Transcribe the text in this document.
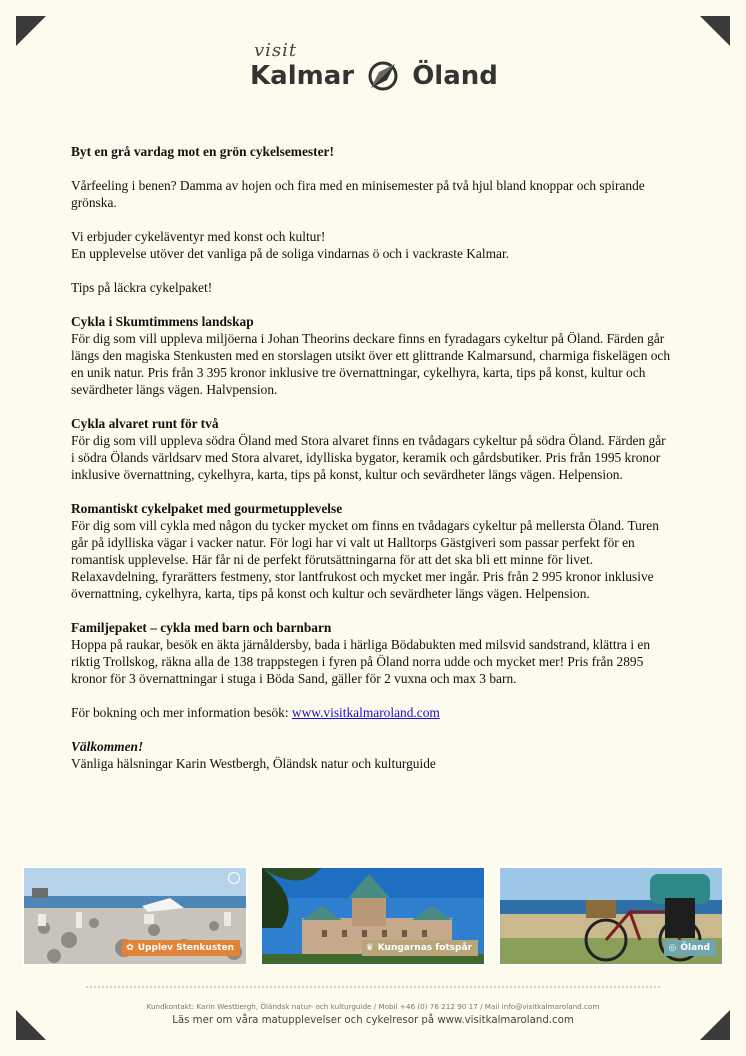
visit
Kalmar Öland

Byt en grå vardag mot en grön cykelsemester!

Vårfeeling i benen? Damma av hojen och fira med en minisemester på två hjul bland knoppar och spirande grönska.

Vi erbjuder cykeläventyr med konst och kultur!
En upplevelse utöver det vanliga på de soliga vindarnas ö och i vackraste Kalmar.

Tips på läckra cykelpaket!

Cykla i Skumtimmens landskap

För dig som vill uppleva miljöerna i Johan Theorins deckare finns en fyradagars cykeltur på Öland. Färden går längs den magiska Stenkusten med en storslagen utsikt över ett glittrande Kalmarsund, charmiga fiskelägen och en unik natur. Pris från 3 395 kronor inklusive tre övernattningar, cykelhyra, karta, tips på konst, kultur och sevärdheter längs vägen. Halvpension.

Cykla alvaret runt för två

För dig som vill uppleva södra Öland med Stora alvaret finns en tvådagars cykeltur på södra Öland. Färden går i södra Ölands världsarv med Stora alvaret, idylliska bygator, keramik och gårdsbutiker. Pris från 1995 kronor inklusive övernattning, cykelhyra, karta, tips på konst, kultur och sevärdheter längs vägen. Helpension.

Romantiskt cykelpaket med gourmetupplevelse

För dig som vill cykla med någon du tycker mycket om finns en tvådagars cykeltur på mellersta Öland. Turen går på idylliska vägar i vacker natur. För logi har vi valt ut Halltorps Gästgiveri som passar perfekt för en romantisk upplevelse. Här får ni de perfekt förutsättningarna för att det ska bli ett minne för livet. Relaxavdelning, fyrarätters festmeny, stor lantfrukost och mycket mer ingår. Pris från 2 995 kronor inklusive övernattning, cykelhyra, karta, tips på konst och kultur och sevärdheter längs vägen. Helpension.

Familjepaket – cykla med barn och barnbarn

Hoppa på raukar, besök en äkta järnåldersby, bada i härliga Bödabukten med milsvid sandstrand, klättra i en riktig Trollskog, räkna alla de 138 trappstegen i fyren på Öland norra udde och mycket mer! Pris från 2895 kronor för 3 övernattningar i stuga i Böda Sand, gäller för 2 vuxna och max 3 barn.

För bokning och mer information besök: www.visitkalmaroland.com

Välkommen!

Vänliga hälsningar Karin Westbergh, Öländsk natur och kulturguide

✿ Upplev Stenkusten	♛ Kungarnas fotspår	◎ Öland
Kundkontakt: Karin Westbergh, Öländsk natur- och kulturguide / Mobil +46 (0) 76 212 90 17 / Mail info@visitkalmaroland.com
Läs mer om våra matupplevelser och cykelresor på www.visitkalmaroland.com
